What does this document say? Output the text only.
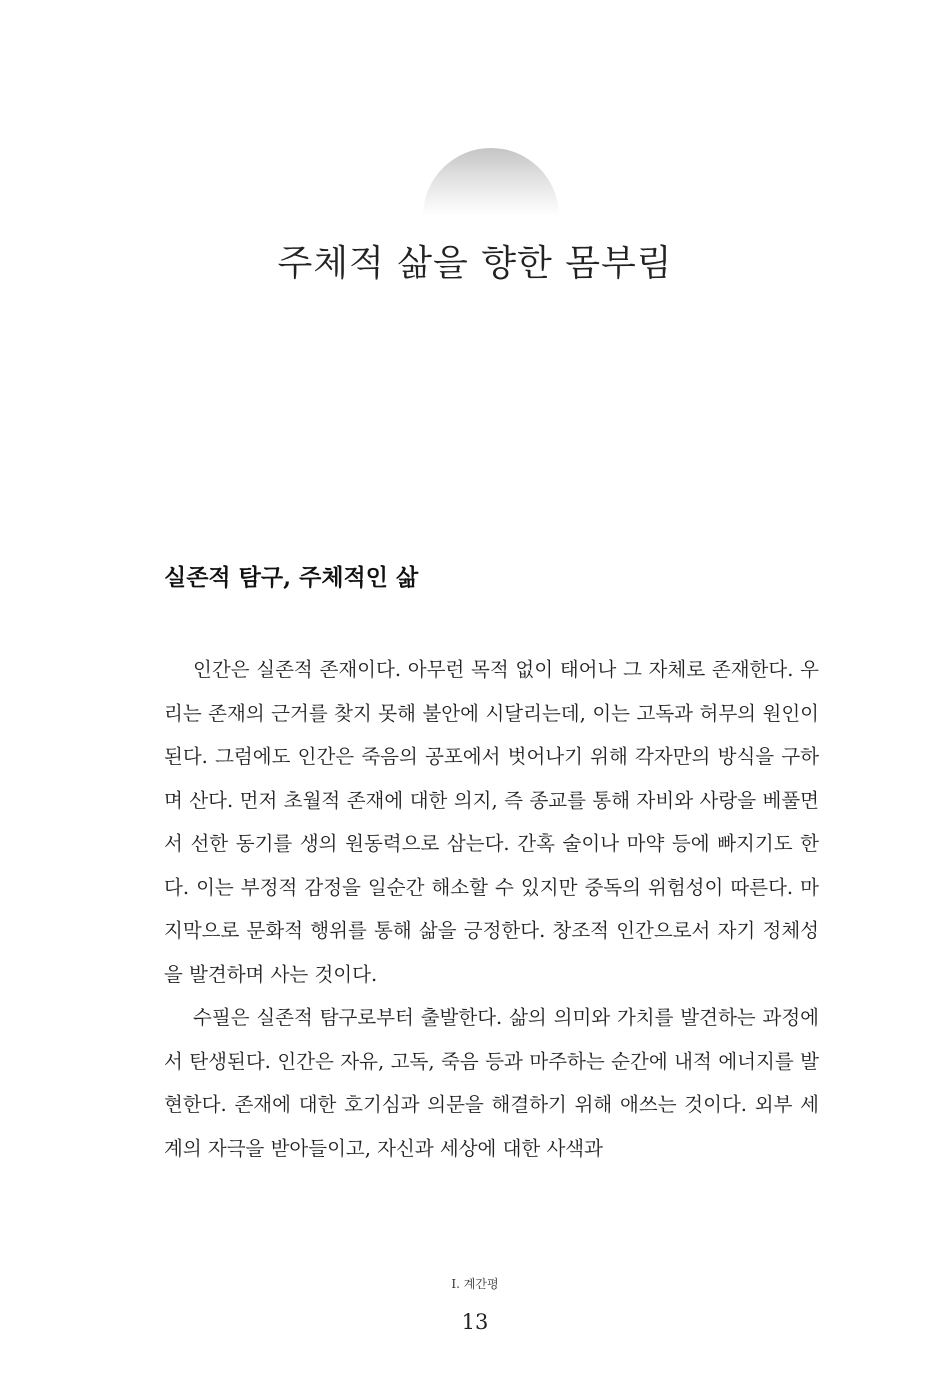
주체적 삶을 향한 몸부림
실존적 탐구, 주체적인 삶

인간은 실존적 존재이다. 아무런 목적 없이 태어나 그 자체로 존재한다. 우리는 존재의 근거를 찾지 못해 불안에 시달리는데, 이는 고독과 허무의 원인이 된다. 그럼에도 인간은 죽음의 공포에서 벗어나기 위해 각자만의 방식을 구하며 산다. 먼저 초월적 존재에 대한 의지, 즉 종교를 통해 자비와 사랑을 베풀면서 선한 동기를 생의 원동력으로 삼는다. 간혹 술이나 마약 등에 빠지기도 한다. 이는 부정적 감정을 일순간 해소할 수 있지만 중독의 위험성이 따른다. 마지막으로 문화적 행위를 통해 삶을 긍정한다. 창조적 인간으로서 자기 정체성을 발견하며 사는 것이다.

수필은 실존적 탐구로부터 출발한다. 삶의 의미와 가치를 발견하는 과정에서 탄생된다. 인간은 자유, 고독, 죽음 등과 마주하는 순간에 내적 에너지를 발현한다. 존재에 대한 호기심과 의문을 해결하기 위해 애쓰는 것이다. 외부 세계의 자극을 받아들이고, 자신과 세상에 대한 사색과

I. 계간평
13
